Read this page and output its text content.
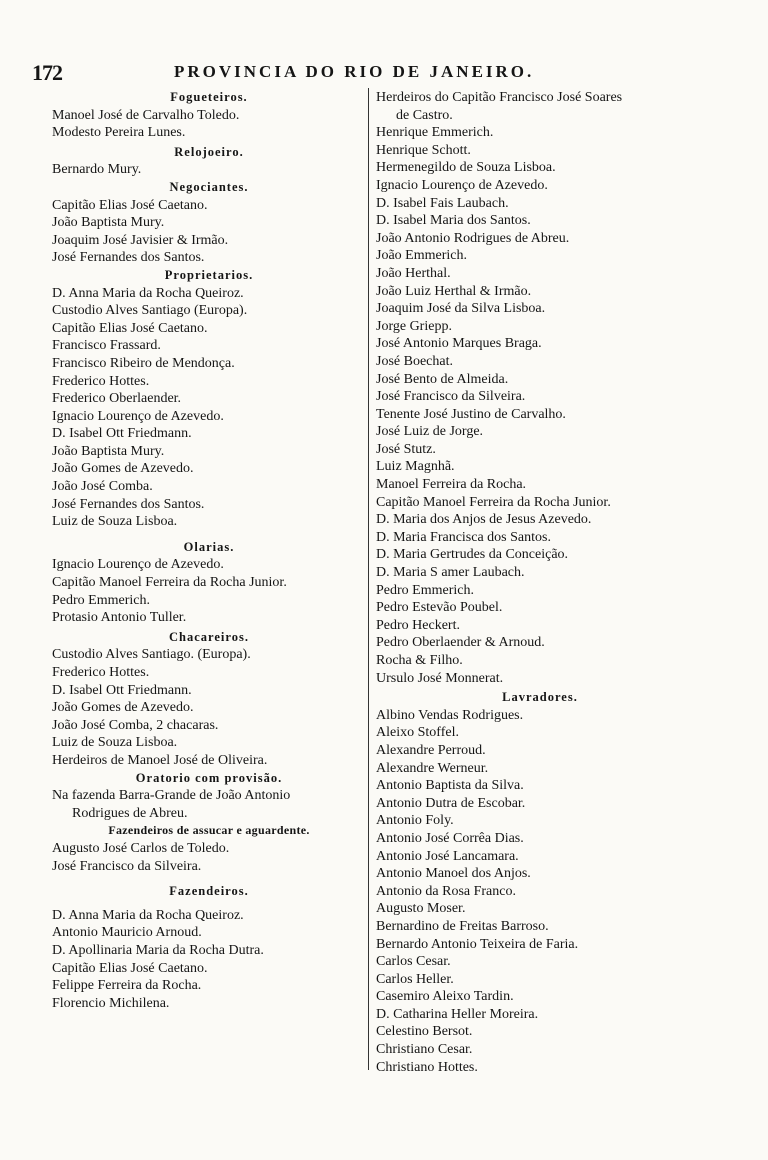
172	PROVINCIA DO RIO DE JANEIRO.
Fogueteiros.
Manoel José de Carvalho Toledo.
Modesto Pereira Lunes.
Relojoeiro.
Bernardo Mury.
Negociantes.
Capitão Elias José Caetano.
João Baptista Mury.
Joaquim José Javisier & Irmão.
José Fernandes dos Santos.
Proprietarios.
D. Anna Maria da Rocha Queiroz.
Custodio Alves Santiago (Europa).
Capitão Elias José Caetano.
Francisco Frassard.
Francisco Ribeiro de Mendonça.
Frederico Hottes.
Frederico Oberlaender.
Ignacio Lourenço de Azevedo.
D. Isabel Ott Friedmann.
João Baptista Mury.
João Gomes de Azevedo.
João José Comba.
José Fernandes dos Santos.
Luiz de Souza Lisboa.
Olarias.
Ignacio Lourenço de Azevedo.
Capitão Manoel Ferreira da Rocha Junior.
Pedro Emmerich.
Protasio Antonio Tuller.
Chacareiros.
Custodio Alves Santiago. (Europa).
Frederico Hottes.
D. Isabel Ott Friedmann.
João Gomes de Azevedo.
João José Comba, 2 chacaras.
Luiz de Souza Lisboa.
Herdeiros de Manoel José de Oliveira.
Oratorio com provisão.
Na fazenda Barra-Grande de João Antonio
Rodrigues de Abreu.
Fazendeiros de assucar e aguardente.
Augusto José Carlos de Toledo.
José Francisco da Silveira.
Fazendeiros.
D. Anna Maria da Rocha Queiroz.
Antonio Mauricio Arnoud.
D. Apollinaria Maria da Rocha Dutra.
Capitão Elias José Caetano.
Felippe Ferreira da Rocha.
Florencio Michilena.
Herdeiros do Capitão Francisco José Soares
de Castro.
Henrique Emmerich.
Henrique Schott.
Hermenegildo de Souza Lisboa.
Ignacio Lourenço de Azevedo.
D. Isabel Fais Laubach.
D. Isabel Maria dos Santos.
João Antonio Rodrigues de Abreu.
João Emmerich.
João Herthal.
João Luiz Herthal & Irmão.
Joaquim José da Silva Lisboa.
Jorge Griepp.
José Antonio Marques Braga.
José Boechat.
José Bento de Almeida.
José Francisco da Silveira.
Tenente José Justino de Carvalho.
José Luiz de Jorge.
José Stutz.
Luiz Magnhã.
Manoel Ferreira da Rocha.
Capitão Manoel Ferreira da Rocha Junior.
D. Maria dos Anjos de Jesus Azevedo.
D. Maria Francisca dos Santos.
D. Maria Gertrudes da Conceição.
D. Maria S amer Laubach.
Pedro Emmerich.
Pedro Estevão Poubel.
Pedro Heckert.
Pedro Oberlaender & Arnoud.
Rocha & Filho.
Ursulo José Monnerat.
Lavradores.
Albino Vendas Rodrigues.
Aleixo Stoffel.
Alexandre Perroud.
Alexandre Werneur.
Antonio Baptista da Silva.
Antonio Dutra de Escobar.
Antonio Foly.
Antonio José Corrêa Dias.
Antonio José Lancamara.
Antonio Manoel dos Anjos.
Antonio da Rosa Franco.
Augusto Moser.
Bernardino de Freitas Barroso.
Bernardo Antonio Teixeira de Faria.
Carlos Cesar.
Carlos Heller.
Casemiro Aleixo Tardin.
D. Catharina Heller Moreira.
Celestino Bersot.
Christiano Cesar.
Christiano Hottes.
